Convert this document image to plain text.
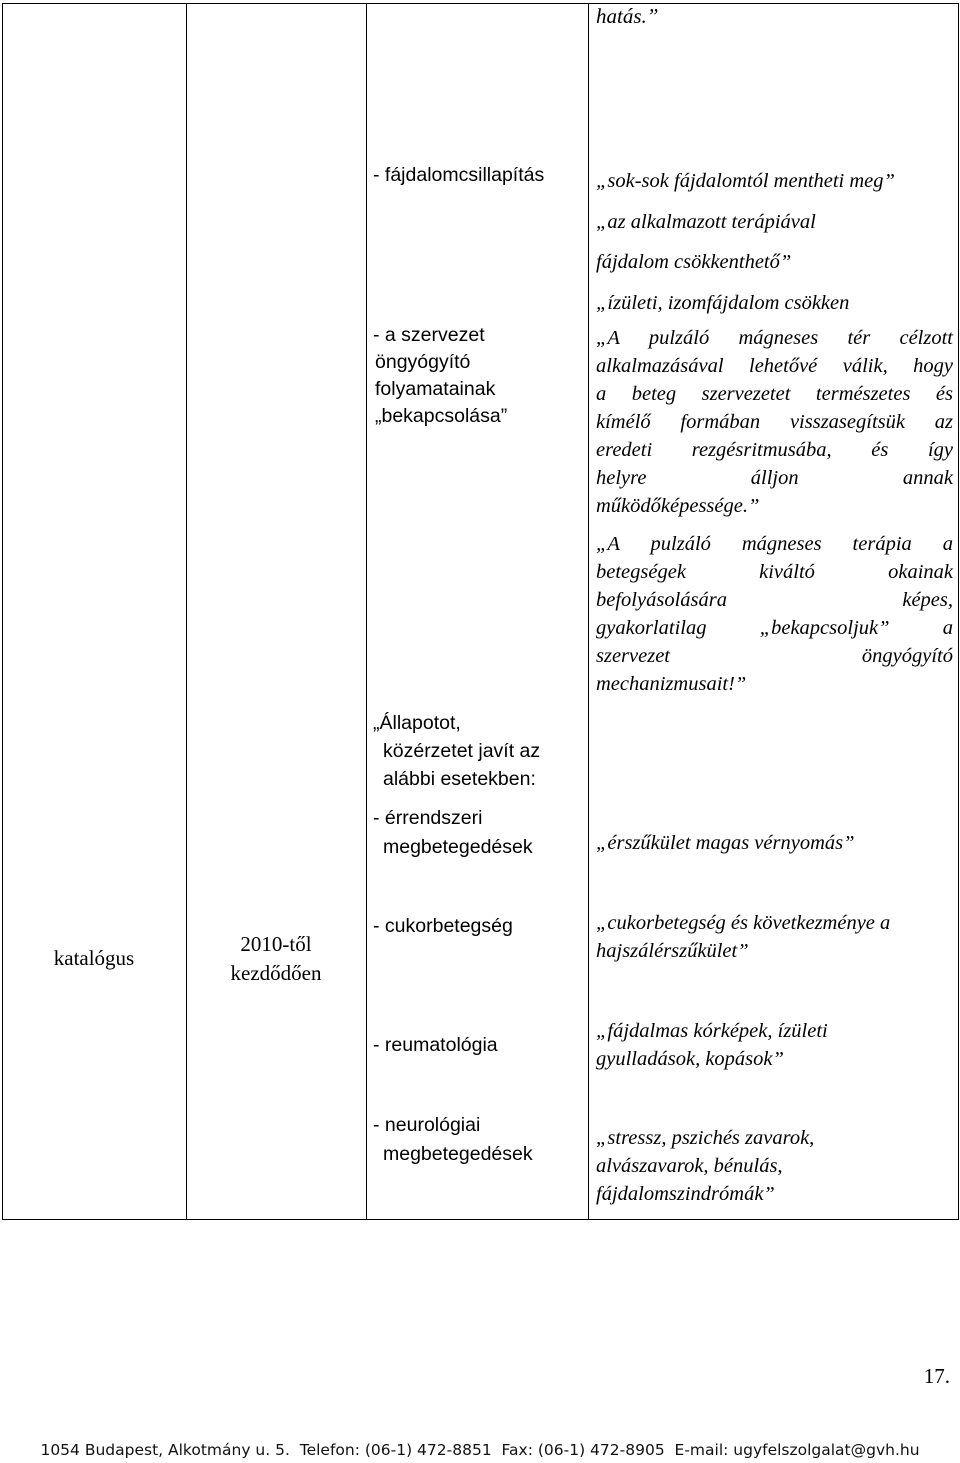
hatás.”
- fájdalomcsillapítás
- a szervezet
öngyógyító
folyamatainak
„bekapcsolása”
„Állapotot,
közérzetet javít az
alábbi esetekben:
- érrendszeri
megbetegedések
- cukorbetegség
- reumatológia
- neurológiai
megbetegedések
katalógus
2010-től
kezdődően
„sok-sok fájdalomtól mentheti meg”
„az alkalmazott terápiával
fájdalom csökkenthető”
„ízületi, izomfájdalom csökken
„A pulzáló mágneses tér célzott
alkalmazásával lehetővé válik, hogy
a beteg szervezetet természetes és
kímélő formában visszasegítsük az
eredeti rezgésritmusába, és így
helyre álljon annak
működőképessége.”
„A pulzáló mágneses terápia a
betegségek kiváltó okainak
befolyásolására képes,
gyakorlatilag „bekapcsoljuk” a
szervezet öngyógyító
mechanizmusait!”
„érszűkület magas vérnyomás”
„cukorbetegség és következménye a
hajszálérszűkület”
„fájdalmas kórképek, ízületi
gyulladások, kopások”
„stressz, pszichés zavarok,
alvászavarok, bénulás,
fájdalomszindrómák”
17.
1054 Budapest, Alkotmány u. 5.  Telefon: (06-1) 472-8851  Fax: (06-1) 472-8905  E-mail: ugyfelszolgalat@gvh.hu
